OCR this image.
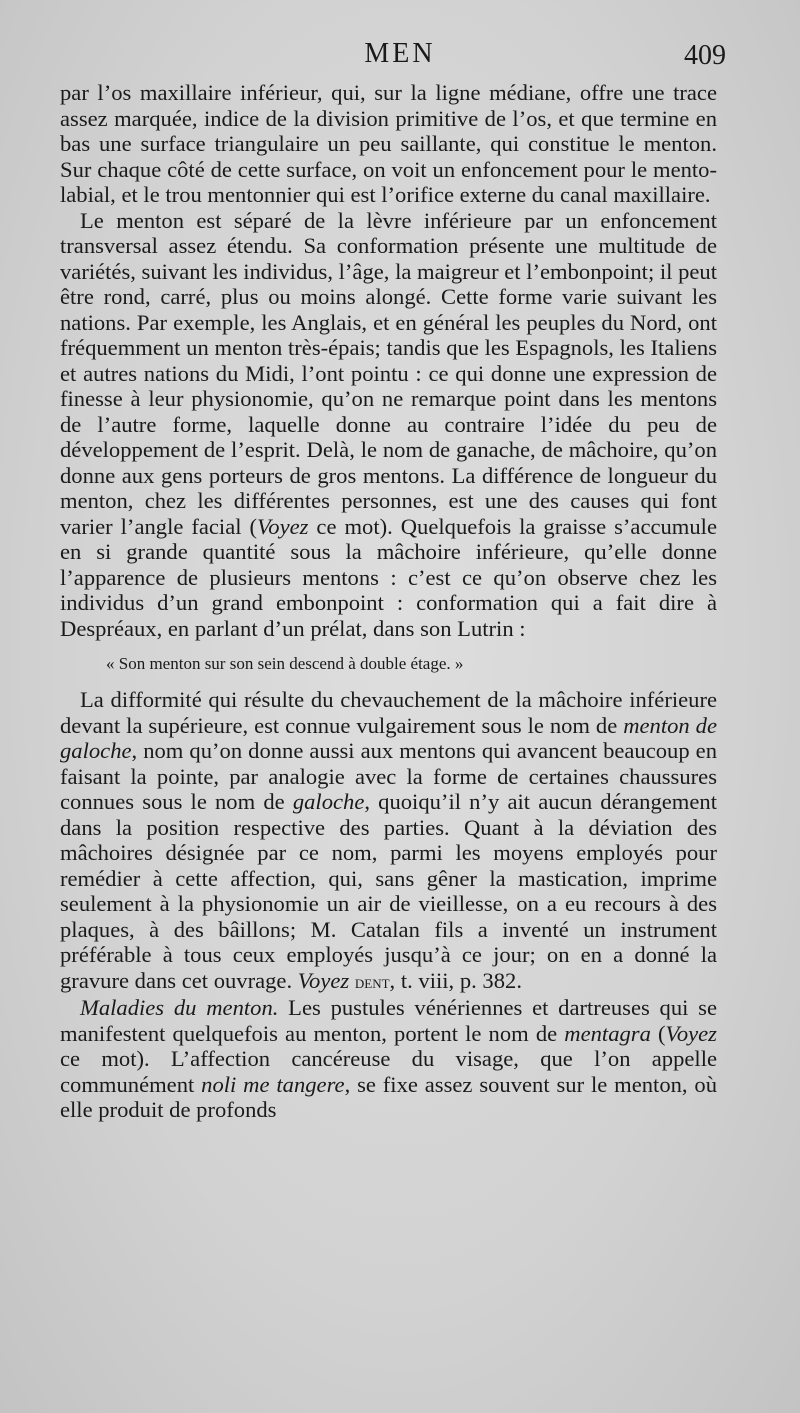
MEN	409

par l’os maxillaire inférieur, qui, sur la ligne médiane, offre une trace assez marquée, indice de la division primitive de l’os, et que termine en bas une surface triangulaire un peu saillante, qui constitue le menton. Sur chaque côté de cette surface, on voit un enfoncement pour le mento-labial, et le trou mentonnier qui est l’orifice externe du canal maxillaire.

Le menton est séparé de la lèvre inférieure par un enfoncement transversal assez étendu. Sa conformation présente une multitude de variétés, suivant les individus, l’âge, la maigreur et l’embonpoint; il peut être rond, carré, plus ou moins alongé. Cette forme varie suivant les nations. Par exemple, les Anglais, et en général les peuples du Nord, ont fréquemment un menton très-épais; tandis que les Espagnols, les Italiens et autres nations du Midi, l’ont pointu : ce qui donne une expression de finesse à leur physionomie, qu’on ne remarque point dans les mentons de l’autre forme, laquelle donne au contraire l’idée du peu de développement de l’esprit. Delà, le nom de ganache, de mâchoire, qu’on donne aux gens porteurs de gros mentons. La différence de longueur du menton, chez les différentes personnes, est une des causes qui font varier l’angle facial (Voyez ce mot). Quelquefois la graisse s’accumule en si grande quantité sous la mâchoire inférieure, qu’elle donne l’apparence de plusieurs mentons : c’est ce qu’on observe chez les individus d’un grand embonpoint : conformation qui a fait dire à Despréaux, en parlant d’un prélat, dans son Lutrin :

« Son menton sur son sein descend à double étage. »

La difformité qui résulte du chevauchement de la mâchoire inférieure devant la supérieure, est connue vulgairement sous le nom de menton de galoche, nom qu’on donne aussi aux mentons qui avancent beaucoup en faisant la pointe, par analogie avec la forme de certaines chaussures connues sous le nom de galoche, quoiqu’il n’y ait aucun dérangement dans la position respective des parties. Quant à la déviation des mâchoires désignée par ce nom, parmi les moyens employés pour remédier à cette affection, qui, sans gêner la mastication, imprime seulement à la physionomie un air de vieillesse, on a eu recours à des plaques, à des bâillons; M. Catalan fils a inventé un instrument préférable à tous ceux employés jusqu’à ce jour; on en a donné la gravure dans cet ouvrage. Voyez dent, t. viii, p. 382.

Maladies du menton. Les pustules vénériennes et dartreuses qui se manifestent quelquefois au menton, portent le nom de mentagra (Voyez ce mot). L’affection cancéreuse du visage, que l’on appelle communément noli me tangere, se fixe assez souvent sur le menton, où elle produit de profonds
